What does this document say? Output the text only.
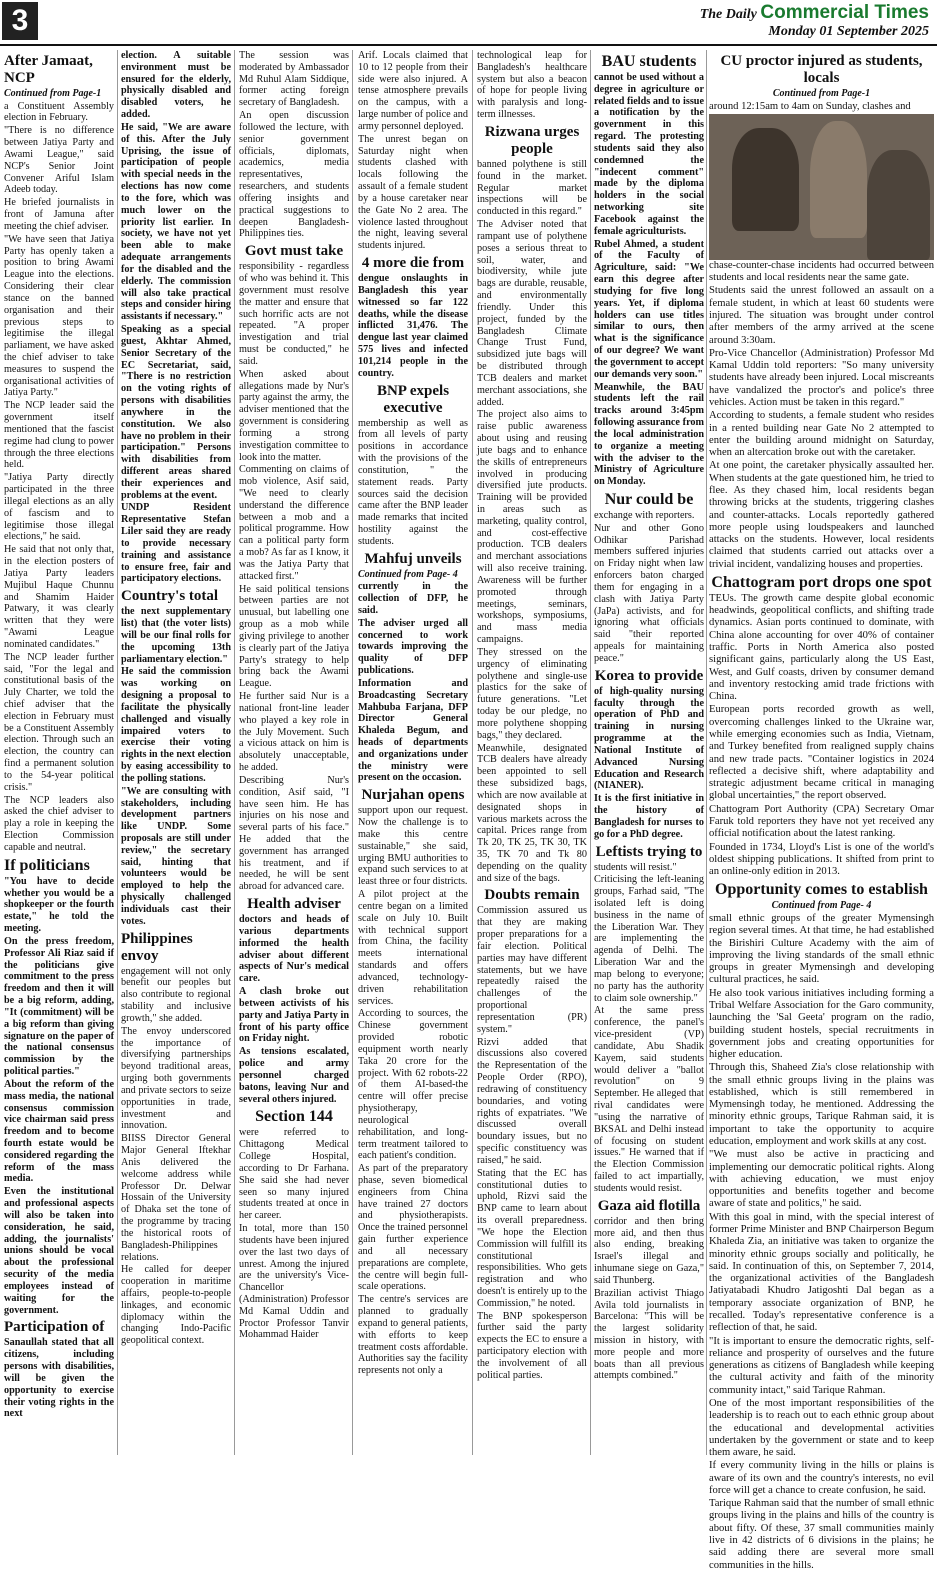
3	The Daily Commercial Times
Monday 01 September 2025
After Jamaat, NCP
Continued from Page-1

a Constituent Assembly election in February.

"There is no difference between Jatiya Party and Awami League," said NCP's Senior Joint Convener Ariful Islam Adeeb today.

He briefed journalists in front of Jamuna after meeting the chief adviser.

"We have seen that Jatiya Party has openly taken a position to bring Awami League into the elections. Considering their clear stance on the banned organisation and their previous steps to legitimise the illegal parliament, we have asked the chief adviser to take measures to suspend the organisational activities of Jatiya Party."

The NCP leader said the government itself mentioned that the fascist regime had clung to power through the three elections held.

"Jatiya Party directly participated in the three illegal elections as an ally of fascism and to legitimise those illegal elections," he said.

He said that not only that, in the election posters of Jatiya Party leaders Mujibul Haque Chunnu and Shamim Haider Patwary, it was clearly written that they were "Awami League nominated candidates."

The NCP leader further said, "For the legal and constitutional basis of the July Charter, we told the chief adviser that the election in February must be a Constituent Assembly election. Through such an election, the country can find a permanent solution to the 54-year political crisis."

The NCP leaders also asked the chief adviser to play a role in keeping the Election Commission capable and neutral.

If politicians

"You have to decide whether you would be a shopkeeper or the fourth estate," he told the meeting.

On the press freedom, Professor Ali Riaz said if the politicians give commitment to the press freedom and then it will be a big reform, adding, "It (commitment) will be a big reform than giving signature on the paper of the national consensus commission by the political parties."

About the reform of the mass media, the national consensus commission vice chairman said press freedom and to become fourth estate would be considered regarding the reform of the mass media.

Even the institutional and professional aspects will also be taken into consideration, he said, adding, the journalists' unions should be vocal about the professional security of the media employees instead of waiting for the government.

Participation of

Sanaullah stated that all citizens, including persons with disabilities, will be given the opportunity to exercise their voting rights in the next

election. A suitable environment must be ensured for the elderly, physically disabled and disabled voters, he added.

He said, "We are aware of this. After the July Uprising, the issue of participation of people with special needs in the elections has now come to the fore, which was much lower on the priority list earlier. In society, we have not yet been able to make adequate arrangements for the disabled and the elderly. The commission will also take practical steps and consider hiring assistants if necessary."

Speaking as a special guest, Akhtar Ahmed, Senior Secretary of the EC Secretariat, said, "There is no restriction on the voting rights of persons with disabilities anywhere in the constitution. We also have no problem in their participation." Persons with disabilities from different areas shared their experiences and problems at the event.

UNDP Resident Representative Stefan Liler said they are ready to provide necessary training and assistance to ensure free, fair and participatory elections.

Country's total

the next supplementary list) that (the voter lists) will be our final rolls for the upcoming 13th parliamentary election."

He said the commission was working on designing a proposal to facilitate the physically challenged and visually impaired voters to exercise their voting rights in the next election by easing accessibility to the polling stations.

"We are consulting with stakeholders, including development partners like UNDP. Some proposals are still under review," the secretary said, hinting that volunteers would be employed to help the physically challenged individuals cast their votes.

Philippines envoy

engagement will not only benefit our peoples but also contribute to regional stability and inclusive growth," she added.

The envoy underscored the importance of diversifying partnerships beyond traditional areas, urging both governments and private sectors to seize opportunities in trade, investment and innovation.

BIISS Director General Major General Iftekhar Anis delivered the welcome address while Professor Dr. Delwar Hossain of the University of Dhaka set the tone of the programme by tracing the historical roots of Bangladesh-Philippines relations.

He called for deeper cooperation in maritime affairs, people-to-people linkages, and economic diplomacy within the changing Indo-Pacific geopolitical context.

The session was moderated by Ambassador Md Ruhul Alam Siddique, former acting foreign secretary of Bangladesh.

An open discussion followed the lecture, with senior government officials, diplomats, academics, media representatives, researchers, and students offering insights and practical suggestions to deepen Bangladesh-Philippines ties.

Govt must take

responsibility - regardless of who was behind it. This government must resolve the matter and ensure that such horrific acts are not repeated. "A proper investigation and trial must be conducted," he said.

When asked about allegations made by Nur's party against the army, the adviser mentioned that the government is considering forming a strong investigation committee to look into the matter.

Commenting on claims of mob violence, Asif said, "We need to clearly understand the difference between a mob and a political programme. How can a political party form a mob? As far as I know, it was the Jatiya Party that attacked first."

He said political tensions between parties are not unusual, but labelling one group as a mob while giving privilege to another is clearly part of the Jatiya Party's strategy to help bring back the Awami League.

He further said Nur is a national front-line leader who played a key role in the July Movement. Such a vicious attack on him is absolutely unacceptable, he added.

Describing Nur's condition, Asif said, "I have seen him. He has injuries on his nose and several parts of his face." He added that the government has arranged his treatment, and if needed, he will be sent abroad for advanced care.

Health adviser

doctors and heads of various departments informed the health adviser about different aspects of Nur's medical care.

A clash broke out between activists of his party and Jatiya Party in front of his party office on Friday night.

As tensions escalated, police and army personnel charged batons, leaving Nur and several others injured.

Section 144

were referred to Chittagong Medical College Hospital, according to Dr Farhana. She said she had never seen so many injured students treated at once in her career.

In total, more than 150 students have been injured over the last two days of unrest. Among the injured are the university's Vice-Chancellor (Administration) Professor Md Kamal Uddin and Proctor Professor Tanvir Mohammad Haider

Arif. Locals claimed that 10 to 12 people from their side were also injured. A tense atmosphere prevails on the campus, with a large number of police and army personnel deployed.

The unrest began on Saturday night when students clashed with locals following the assault of a female student by a house caretaker near the Gate No 2 area. The violence lasted throughout the night, leaving several students injured.

4 more die from

dengue onslaughts in Bangladesh this year witnessed so far 122 deaths, while the disease inflicted 31,476. The dengue last year claimed 575 lives and infected 101,214 people in the country.

BNP expels executive

membership as well as from all levels of party positions in accordance with the provisions of the constitution, " the statement reads. Party sources said the decision came after the BNP leader made remarks that incited hostility against the students.

Mahfuj unveils
Continued from Page- 4

currently in the collection of DFP, he said.

The adviser urged all concerned to work towards improving the quality of DFP publications.

Information and Broadcasting Secretary Mahbuba Farjana, DFP Director General Khaleda Begum, and heads of departments and organizations under the ministry were present on the occasion.

Nurjahan opens

support upon our request. Now the challenge is to make this centre sustainable," she said, urging BMU authorities to expand such services to at least three or four districts.

A pilot project at the centre began on a limited scale on July 10. Built with technical support from China, the facility meets international standards and offers advanced, technology-driven rehabilitation services.

According to sources, the Chinese government provided robotic equipment worth nearly Taka 20 crore for the project. With 62 robots-22 of them AI-based-the centre will offer precise physiotherapy, neurological rehabilitation, and long-term treatment tailored to each patient's condition.

As part of the preparatory phase, seven biomedical engineers from China have trained 27 doctors and physiotherapists. Once the trained personnel gain further experience and all necessary preparations are complete, the centre will begin full-scale operations.

The centre's services are planned to gradually expand to general patients, with efforts to keep treatment costs affordable. Authorities say the facility represents not only a

technological leap for Bangladesh's healthcare system but also a beacon of hope for people living with paralysis and long-term illnesses.

Rizwana urges people

banned polythene is still found in the market. Regular market inspections will be conducted in this regard."

The Adviser noted that rampant use of polythene poses a serious threat to soil, water, and biodiversity, while jute bags are durable, reusable, and environmentally friendly. Under this project, funded by the Bangladesh Climate Change Trust Fund, subsidized jute bags will be distributed through TCB dealers and market merchant associations, she added.

The project also aims to raise public awareness about using and reusing jute bags and to enhance the skills of entrepreneurs involved in producing diversified jute products. Training will be provided in areas such as marketing, quality control, and cost-effective production. TCB dealers and merchant associations will also receive training. Awareness will be further promoted through meetings, seminars, workshops, symposiums, and mass media campaigns.

They stressed on the urgency of eliminating polythene and single-use plastics for the sake of future generations. "Let today be our pledge, no more polythene shopping bags," they declared.

Meanwhile, designated TCB dealers have already been appointed to sell these subsidized bags, which are now available at designated shops in various markets across the capital. Prices range from Tk 20, TK 25, TK 30, TK 35, TK 70 and Tk 80 depending on the quality and size of the bags.

Doubts remain

Commission assured us that they are making proper preparations for a fair election. Political parties may have different statements, but we have repeatedly raised the challenges of the proportional representation (PR) system."

Rizvi added that discussions also covered the Representation of the People Order (RPO), redrawing of constituency boundaries, and voting rights of expatriates. "We discussed overall boundary issues, but no specific constituency was raised," he said.

Stating that the EC has constitutional duties to uphold, Rizvi said the BNP came to learn about its overall preparedness. "We hope the Election Commission will fulfill its constitutional responsibilities. Who gets registration and who doesn't is entirely up to the Commission," he noted.

The BNP spokesperson further said the party expects the EC to ensure a participatory election with the involvement of all political parties.

BAU students

cannot be used without a degree in agriculture or related fields and to issue a notification by the government in this regard. The protesting students said they also condemned the "indecent comment" made by the diploma holders in the social networking site Facebook against the female agriculturists.

Rubel Ahmed, a student of the Faculty of Agriculture, said: "We earn this degree after studying for five long years. Yet, if diploma holders can use titles similar to ours, then what is the significance of our degree? We want the government to accept our demands very soon."

Meanwhile, the BAU students left the rail tracks around 3:45pm following assurance from the local administration to organize a meeting with the adviser to the Ministry of Agriculture on Monday.

Nur could be

exchange with reporters.

Nur and other Gono Odhikar Parishad members suffered injuries on Friday night when law enforcers baton charged them for engaging in a clash with Jatiya Party (JaPa) activists, and for ignoring what officials said "their reported appeals for maintaining peace."

Korea to provide

of high-quality nursing faculty through the operation of PhD and training in nursing programme at the National Institute of Advanced Nursing Education and Research (NIANER).

It is the first initiative in the history of Bangladesh for nurses to go for a PhD degree.

Leftists trying to

students will resist."

Criticising the left-leaning groups, Farhad said, "The isolated left is doing business in the name of the Liberation War. They are implementing the agenda of Delhi. The Liberation War and the map belong to everyone; no party has the authority to claim sole ownership."

At the same press conference, the panel's vice-president (VP) candidate, Abu Shadik Kayem, said students would deliver a "ballot revolution" on 9 September. He alleged that rival candidates were "using the narrative of BKSAL and Delhi instead of focusing on student issues." He warned that if the Election Commission failed to act impartially, students would resist.

Gaza aid flotilla

corridor and then bring more aid, and then thus also ending, breaking Israel's illegal and inhumane siege on Gaza," said Thunberg.

Brazilian activist Thiago Avila told journalists in Barcelona: "This will be the largest solidarity mission in history, with more people and more boats than all previous attempts combined."

CU proctor injured as students, locals
Continued from Page-1

around 12:15am to 4am on Sunday, clashes and

chase-counter-chase incidents had occurred between students and local residents near the same gate.

Students said the unrest followed an assault on a female student, in which at least 60 students were injured. The situation was brought under control after members of the army arrived at the scene around 3:30am.

Pro-Vice Chancellor (Administration) Professor Md Kamal Uddin told reporters: "So many university students have already been injured. Local miscreants have vandalized the proctor's and police's three vehicles. Action must be taken in this regard."

According to students, a female student who resides in a rented building near Gate No 2 attempted to enter the building around midnight on Saturday, when an altercation broke out with the caretaker.

At one point, the caretaker physically assaulted her. When students at the gate questioned him, he tried to flee. As they chased him, local residents began throwing bricks at the students, triggering clashes and counter-attacks. Locals reportedly gathered more people using loudspeakers and launched attacks on the students. However, local residents claimed that students carried out attacks over a trivial incident, vandalizing houses and properties.

Chattogram port drops one spot

TEUs. The growth came despite global economic headwinds, geopolitical conflicts, and shifting trade dynamics. Asian ports continued to dominate, with China alone accounting for over 40% of container traffic. Ports in North America also posted significant gains, particularly along the US East, West, and Gulf coasts, driven by consumer demand and inventory restocking amid trade frictions with China.

European ports recorded growth as well, overcoming challenges linked to the Ukraine war, while emerging economies such as India, Vietnam, and Turkey benefited from realigned supply chains and new trade pacts. "Container logistics in 2024 reflected a decisive shift, where adaptability and strategic adjustment became critical in managing global uncertainties," the report observed.

Chattogram Port Authority (CPA) Secretary Omar Faruk told reporters they have not yet received any official notification about the latest ranking.

Founded in 1734, Lloyd's List is one of the world's oldest shipping publications. It shifted from print to an online-only edition in 2013.

Opportunity comes to establish
Continued from Page- 4

small ethnic groups of the greater Mymensingh region several times. At that time, he had established the Birishiri Culture Academy with the aim of improving the living standards of the small ethnic groups in greater Mymensingh and developing cultural practices, he said.

He also took various initiatives including forming a Tribal Welfare Association for the Garo community, launching the 'Sal Geeta' program on the radio, building student hostels, special recruitments in government jobs and creating opportunities for higher education.

Through this, Shaheed Zia's close relationship with the small ethnic groups living in the plains was established, which is still remembered in Mymensingh today, he mentioned. Addressing the minority ethnic groups, Tarique Rahman said, it is important to take the opportunity to acquire education, employment and work skills at any cost.

"We must also be active in practicing and implementing our democratic political rights. Along with achieving education, we must enjoy opportunities and benefits together and become aware of state and politics," he said.

With this goal in mind, with the special interest of former Prime Minister and BNP Chairperson Begum Khaleda Zia, an initiative was taken to organize the minority ethnic groups socially and politically, he said. In continuation of this, on September 7, 2014, the organizational activities of the Bangladesh Jatiyatabadi Khudro Jatigoshti Dal began as a temporary associate organization of BNP, he recalled. Today's representative conference is a reflection of that, he said.

"It is important to ensure the democratic rights, self-reliance and prosperity of ourselves and the future generations as citizens of Bangladesh while keeping the cultural activity and faith of the minority community intact," said Tarique Rahman.

One of the most important responsibilities of the leadership is to reach out to each ethnic group about the educational and developmental activities undertaken by the government or state and to keep them aware, he said.

If every community living in the hills or plains is aware of its own and the country's interests, no evil force will get a chance to create confusion, he said.

Tarique Rahman said that the number of small ethnic groups living in the plains and hills of the country is about fifty. Of these, 37 small communities mainly live in 42 districts of 6 divisions in the plains; he said adding there are several more small communities in the hills.
